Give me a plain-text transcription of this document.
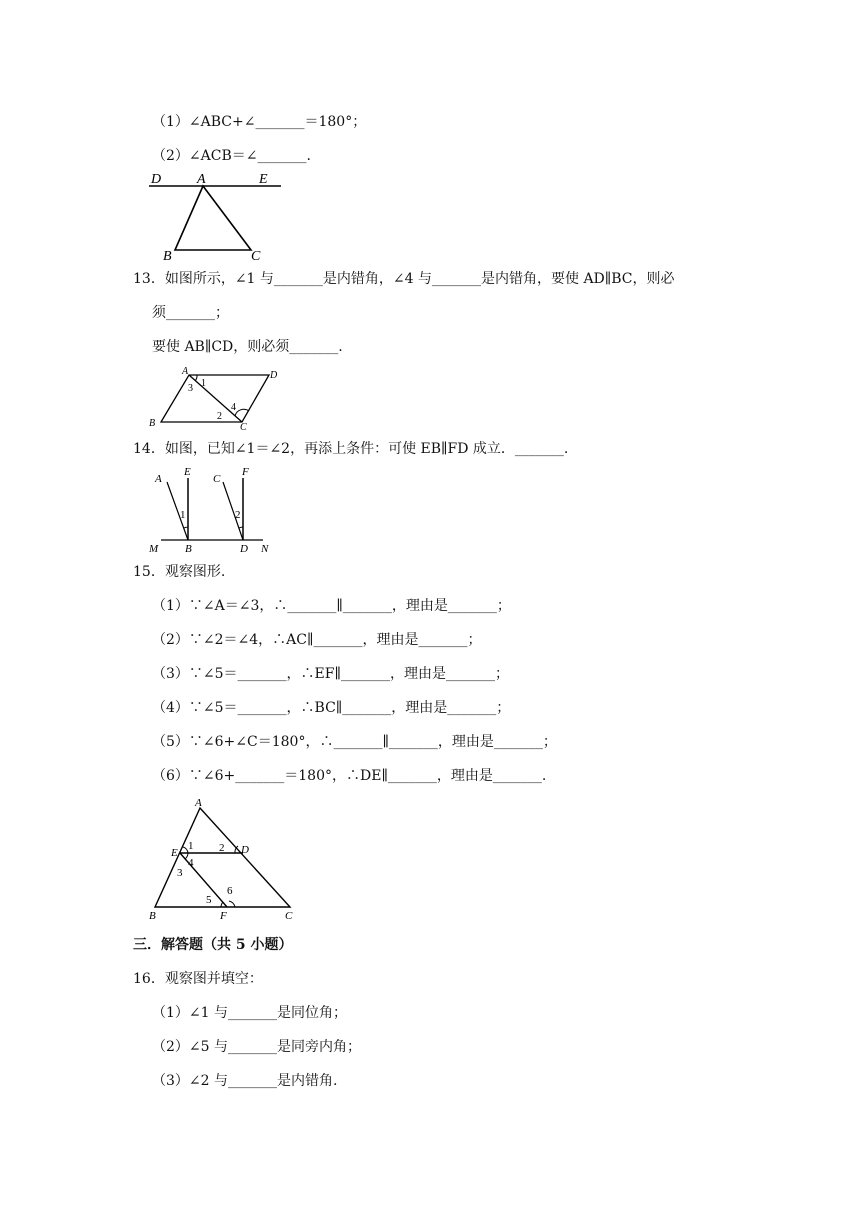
（1）∠ABC+∠_______＝180°；
（2）∠ACB＝∠_______.
D	A	E
B	C
13．如图所示，∠1 与_______是内错角，∠4 与_______是内错角，要使 AD∥BC，则必
须_______；
要使 AB∥CD，则必须_______.
A	D
B	C
1
2
3
4
14．如图，已知∠1＝∠2，再添上条件：可使 EB∥FD 成立．_______.
A
E
C
F
M B	D N
1	2
15．观察图形.
（1）∵∠A＝∠3，∴_______∥_______，理由是_______；
（2）∵∠2＝∠4，∴AC∥_______，理由是_______；
（3）∵∠5＝_______，∴EF∥_______，理由是_______；
（4）∵∠5＝_______，∴BC∥_______，理由是_______；
（5）∵∠6+∠C＝180°，∴_______∥_______，理由是_______；
（6）∵∠6+_______＝180°，∴DE∥_______，理由是_______.
A
E	D
B	F	C
1 2
3
4
5
6
三．解答题（共 5 小题）
16．观察图并填空：
（1）∠1 与_______是同位角；
（2）∠5 与_______是同旁内角；
（3）∠2 与_______是内错角.
